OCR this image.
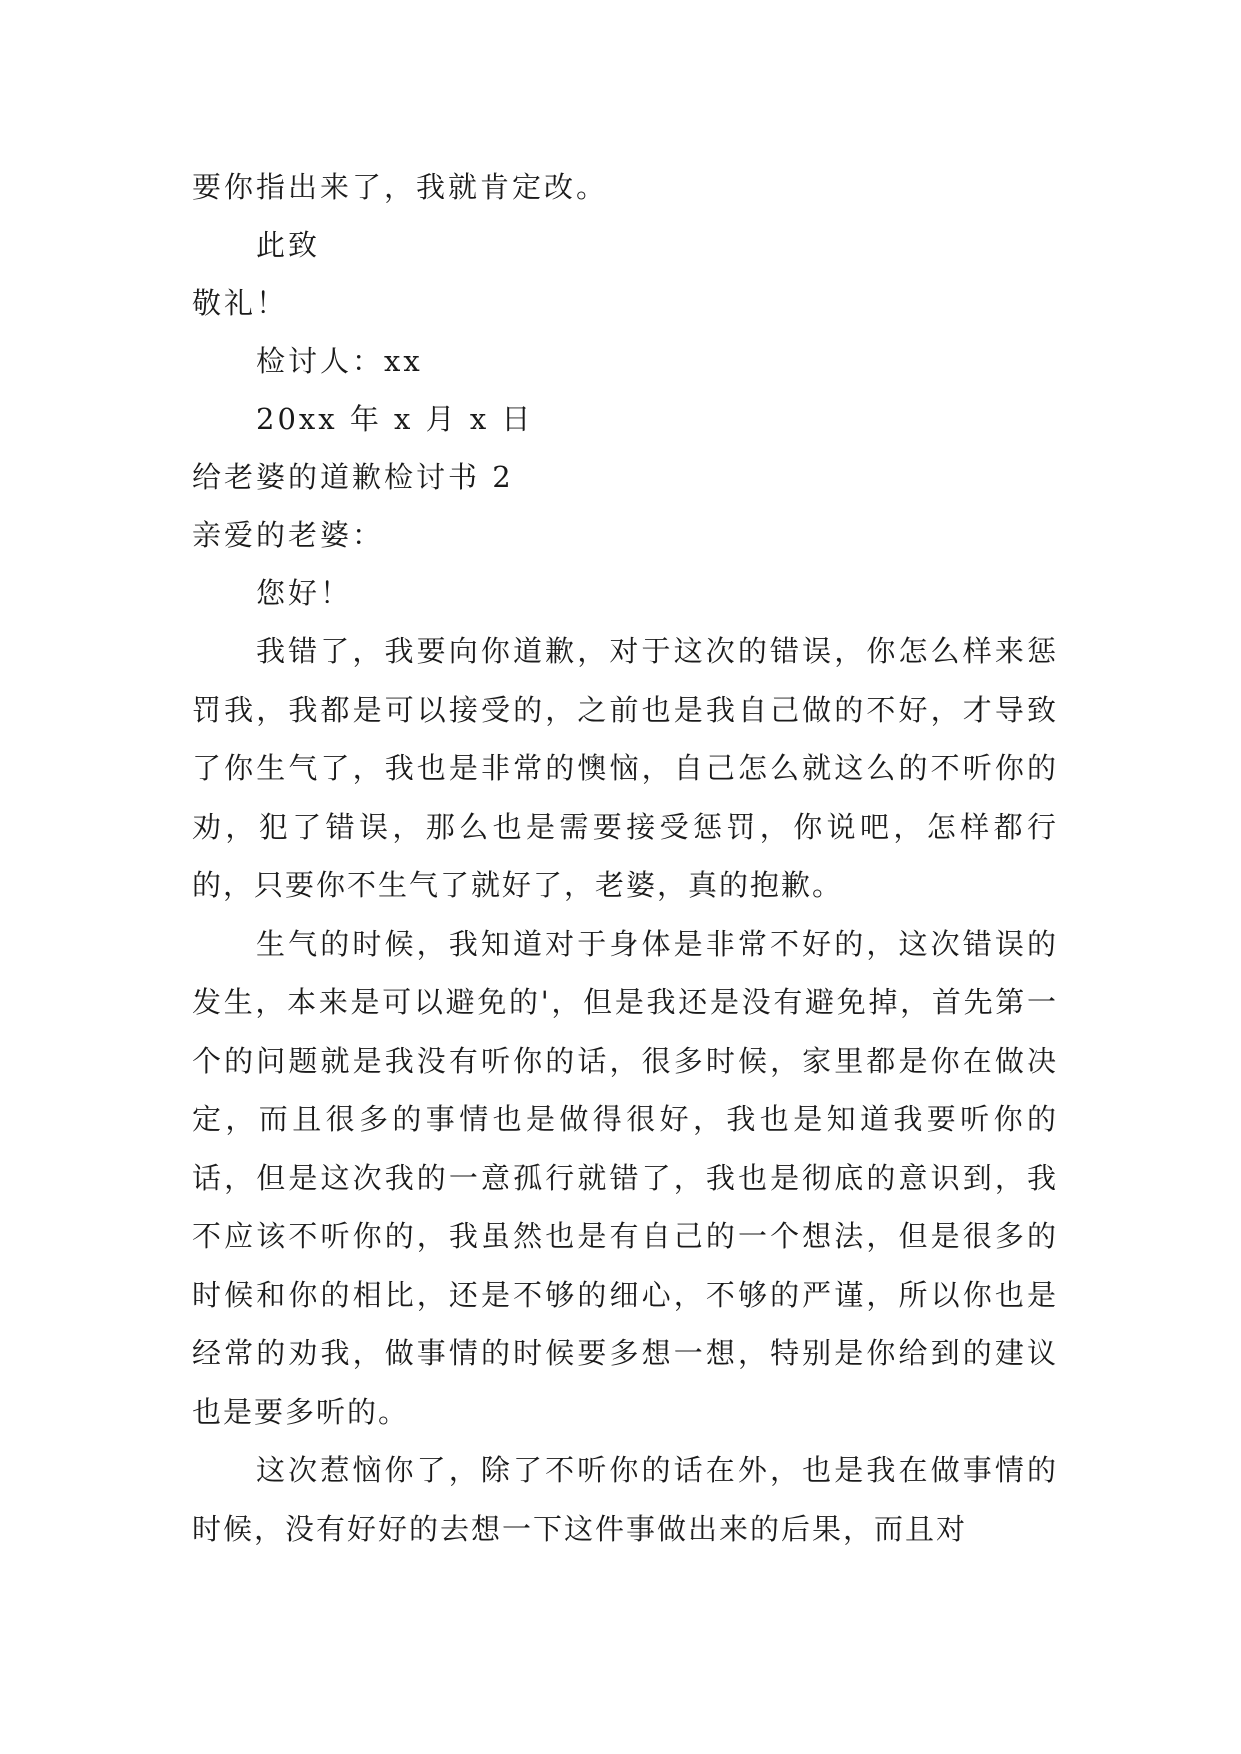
要你指出来了，我就肯定改。
此致
敬礼！
检讨人：xx
20xx 年 x 月 x 日
给老婆的道歉检讨书 2
亲爱的老婆：
您好！

我错了，我要向你道歉，对于这次的错误，你怎么样来惩罚我，我都是可以接受的，之前也是我自己做的不好，才导致了你生气了，我也是非常的懊恼，自己怎么就这么的不听你的劝，犯了错误，那么也是需要接受惩罚，你说吧，怎样都行的，只要你不生气了就好了，老婆，真的抱歉。

生气的时候，我知道对于身体是非常不好的，这次错误的发生，本来是可以避免的'，但是我还是没有避免掉，首先第一个的问题就是我没有听你的话，很多时候，家里都是你在做决定，而且很多的事情也是做得很好，我也是知道我要听你的话，但是这次我的一意孤行就错了，我也是彻底的意识到，我不应该不听你的，我虽然也是有自己的一个想法，但是很多的时候和你的相比，还是不够的细心，不够的严谨，所以你也是经常的劝我，做事情的时候要多想一想，特别是你给到的建议也是要多听的。

这次惹恼你了，除了不听你的话在外，也是我在做事情的时候，没有好好的去想一下这件事做出来的后果，而且对
